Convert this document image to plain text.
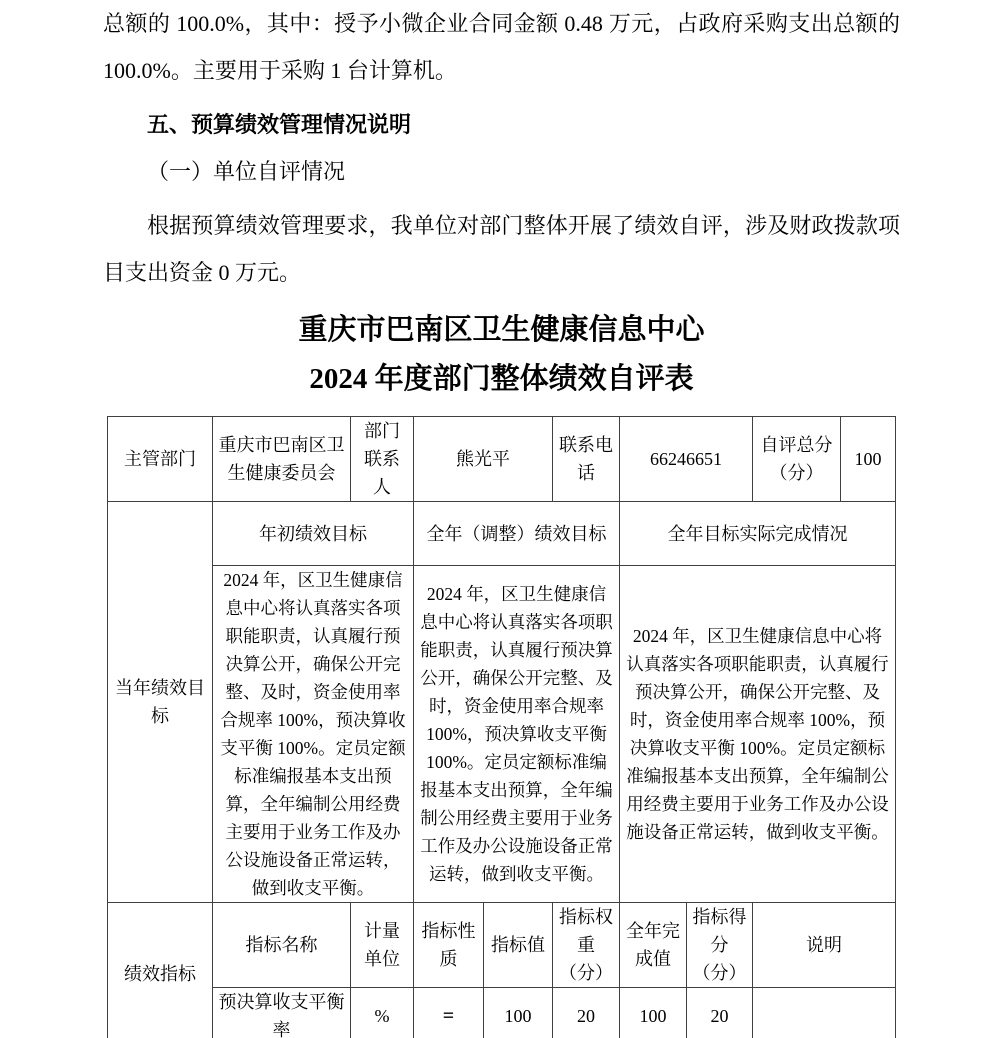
总额的 100.0%，其中：授予小微企业合同金额 0.48 万元，占政府采购支出总额的 100.0%。主要用于采购 1 台计算机。
五、预算绩效管理情况说明
（一）单位自评情况
根据预算绩效管理要求，我单位对部门整体开展了绩效自评，涉及财政拨款项目支出资金 0 万元。
重庆市巴南区卫生健康信息中心
2024 年度部门整体绩效自评表
主管部门	重庆市巴南区卫生健康委员会	部门联系人	熊光平		联系电话	66246651		自评总分（分）	100
当年绩效目标	年初绩效目标		全年（调整）绩效目标			全年目标实际完成情况			
	2024 年，区卫生健康信息中心将认真落实各项职能职责，认真履行预决算公开，确保公开完整、及时，资金使用率合规率 100%，预决算收支平衡 100%。定员定额标准编报基本支出预算，全年编制公用经费主要用于业务工作及办公设施设备正常运转，做到收支平衡。		2024 年，区卫生健康信息中心将认真落实各项职能职责，认真履行预决算公开，确保公开完整、及时，资金使用率合规率 100%，预决算收支平衡 100%。定员定额标准编报基本支出预算，全年编制公用经费主要用于业务工作及办公设施设备正常运转，做到收支平衡。			2024 年，区卫生健康信息中心将认真落实各项职能职责，认真履行预决算公开，确保公开完整、及时，资金使用率合规率 100%，预决算收支平衡 100%。定员定额标准编报基本支出预算，全年编制公用经费主要用于业务工作及办公设施设备正常运转，做到收支平衡。			
绩效指标	指标名称	计量单位	指标性质	指标值	指标权重（分）	全年完成值	指标得分（分）	说明	
	预决算收支平衡率	%	=	100	20	100	20		
